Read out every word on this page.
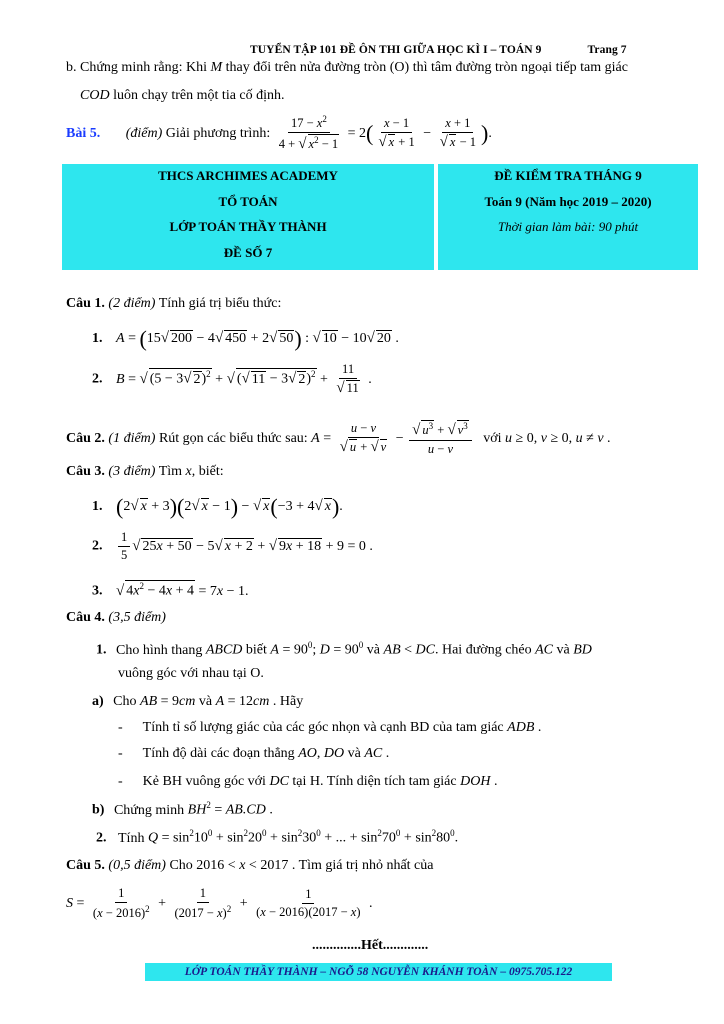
TUYỂN TẬP 101 ĐỀ ÔN THI GIỮA HỌC KÌ I – TOÁN 9	Trang 7
b. Chứng minh rằng: Khi M thay đổi trên nửa đường tròn (O) thì tâm đường tròn ngoại tiếp tam giác
COD luôn chạy trên một tia cố định.
Bài 5. (điểm) Giải phương trình: $\frac{17 - x^2}{4 + √ x^2 - 1} = 2( \frac{x - 1}{√ x + 1} - \frac{x + 1}{√ x - 1}$ ).
THCS ARCHIMES ACADEMY
TỔ TOÁN
LỚP TOÁN THẦY THÀNH
ĐỀ SỐ 7
ĐỀ KIỂM TRA THÁNG 9
Toán 9 (Năm học 2019 – 2020)
Thời gian làm bài: 90 phút
Câu 1. (2 điểm) Tính giá trị biểu thức:
1. A = (15√ 200 − 4√ 450 + 2√ 50) : √ 10 − 10√ 20 .
2. B = √ (5 − 3√ 2)$^2$ + √ (√ 11 − 3√ $2)^2 + \frac{11}{√ 11}$ .
Câu 2. (1 điểm) Rút gọn các biểu thức sau: $A = \frac{u - v}{√ u + √ v} - \frac{√ u^3 + √ v^3}{u - v}$ với u ≥ 0, v ≥ 0, u ≠ v .
Câu 3. (3 điểm) Tìm x, biết:
1. (2√ x + 3)(2√ x − 1) − √ x(−3 + 4√ x).
2. $\frac{1}{5}$ √ 25x + 50 − 5√ x + 2 + √ 9x + 18 + 9 = 0 .
3. √ $4x^2 - 4x + 4 = 7x - 1$.
Câu 4. (3,5 điểm)
1. Cho hình thang ABCD biết $A = 90^0$; $D = 90^0$ và AB < DC. Hai đường chéo AC và BD
vuông góc với nhau tại O.
a) Cho AB = 9cm và A = 12cm . Hãy
- Tính tỉ số lượng giác của các góc nhọn và cạnh BD của tam giác ADB .
- Tính độ dài các đoạn thẳng AO, DO và AC .
- Kẻ BH vuông góc với DC tại H. Tính diện tích tam giác DOH .
b) Chứng minh $BH^2 = AB.CD$ .
2. Tính $Q = \sin^210^0 + \sin^220^0 + \sin^230^0$ + ... + $\sin^270^0 + \sin^280^0$.
Câu 5. (0,5 điểm) Cho 2016 < x < 2017 . Tìm giá trị nhỏ nhất của
$S = \frac{1}{(x - 2016)^2} + \frac{1}{(2017 - x)^2} + \frac{1}{(x - 2016)(2017 - x)}$ .
..............Hết.............
LỚP TOÁN THẦY THÀNH – NGÕ 58 NGUYỄN KHÁNH TOÀN – 0975.705.122
